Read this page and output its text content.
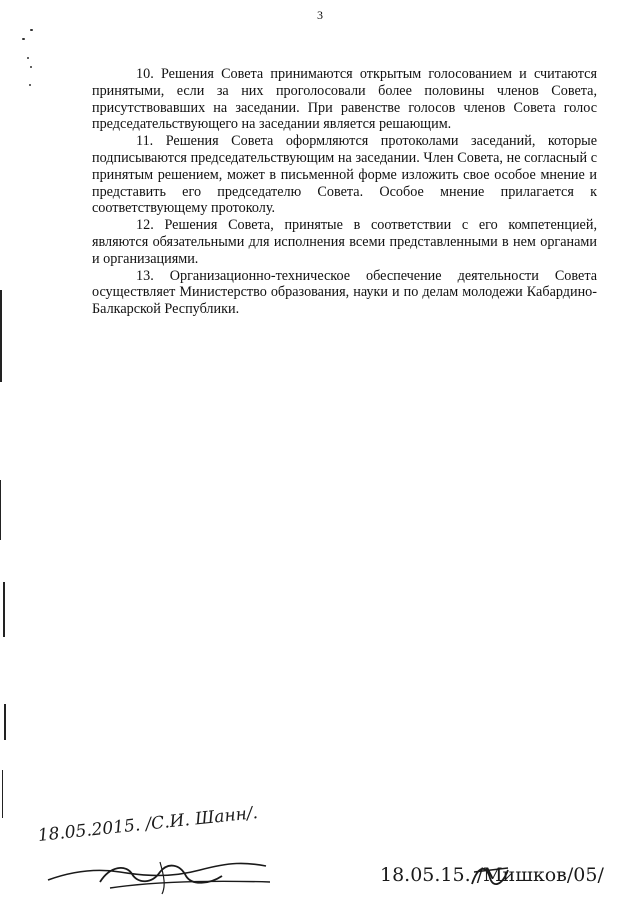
3

10. Решения Совета принимаются открытым голосованием и считаются принятыми, если за них проголосовали более половины членов Совета, присутствовавших на заседании. При равенстве голосов членов Совета голос председательствующего на заседании является решающим.

11. Решения Совета оформляются протоколами заседаний, которые подписываются председательствующим на заседании. Член Совета, не согласный с принятым решением, может в письменной форме изложить свое особое мнение и представить его председателю Совета. Особое мнение прилагается к соответствующему протоколу.

12. Решения Совета, принятые в соответствии с его компетенцией, являются обязательными для исполнения всеми представленными в нем органами и организациями.

13. Организационно-техническое обеспечение деятельности Совета осуществляет Министерство образования, науки и по делам молодежи Кабардино-Балкарской Республики.

18.05.2015. /С.И. Шанн/.
18.05.15. /Мишков/05/
